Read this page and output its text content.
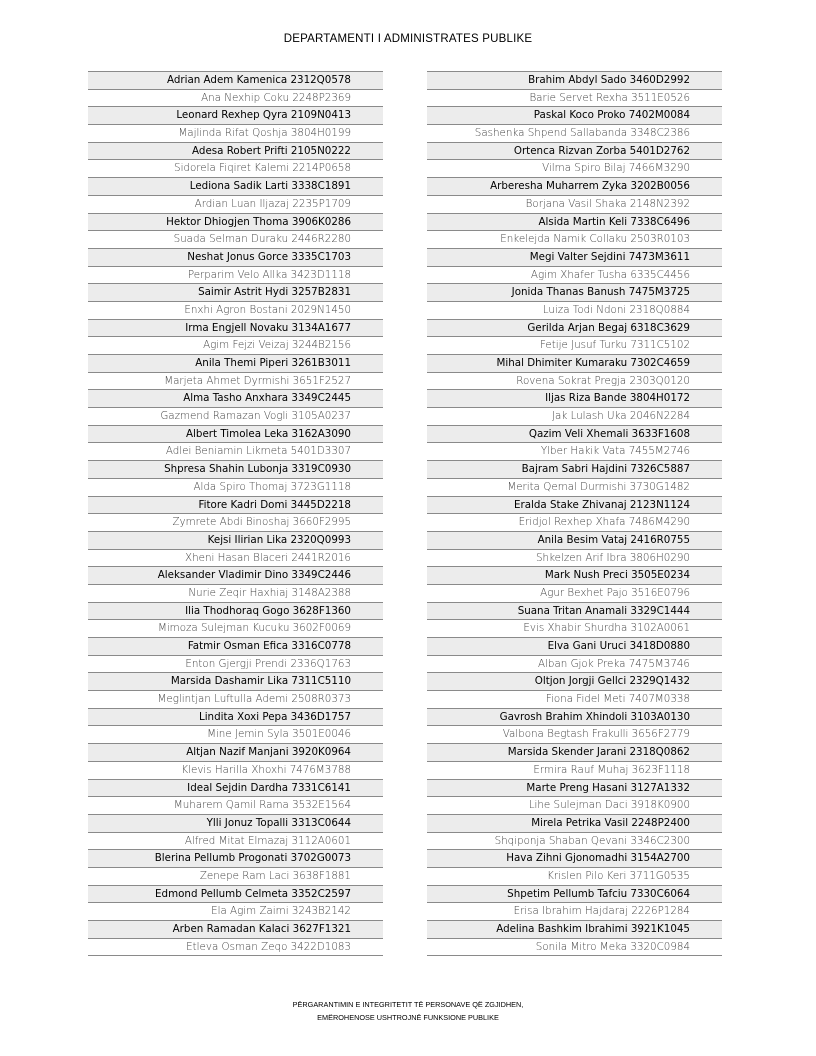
DEPARTAMENTI I ADMINISTRATES PUBLIKE
Adrian Adem Kamenica 2312Q0578
Ana Nexhip Coku 2248P2369
Leonard Rexhep Qyra 2109N0413
Majlinda Rifat Qoshja 3804H0199
Adesa Robert Prifti 2105N0222
Sidorela Fiqiret Kalemi 2214P0658
Lediona Sadik Larti 3338C1891
Ardian Luan Iljazaj 2235P1709
Hektor Dhiogjen Thoma 3906K0286
Suada Selman Duraku 2446R2280
Neshat Jonus Gorce 3335C1703
Perparim Velo Allka 3423D1118
Saimir Astrit Hydi 3257B2831
Enxhi Agron Bostani 2029N1450
Irma Engjell Novaku 3134A1677
Agim Fejzi Veizaj 3244B2156
Anila Themi Piperi 3261B3011
Marjeta Ahmet Dyrmishi 3651F2527
Alma Tasho Anxhara 3349C2445
Gazmend Ramazan Vogli 3105A0237
Albert Timolea Leka 3162A3090
Adlei Beniamin Likmeta 5401D3307
Shpresa Shahin Lubonja 3319C0930
Alda Spiro Thomaj 3723G1118
Fitore Kadri Domi 3445D2218
Zymrete Abdi Binoshaj 3660F2995
Kejsi Ilirian Lika 2320Q0993
Xheni Hasan Blaceri 2441R2016
Aleksander Vladimir Dino 3349C2446
Nurie Zeqir Haxhiaj 3148A2388
Ilia Thodhoraq Gogo 3628F1360
Mimoza Sulejman Kucuku 3602F0069
Fatmir Osman Efica 3316C0778
Enton Gjergji Prendi 2336Q1763
Marsida Dashamir Lika 7311C5110
Meglintjan Luftulla Ademi 2508R0373
Lindita Xoxi Pepa 3436D1757
Mine Jemin Syla 3501E0046
Altjan Nazif Manjani 3920K0964
Klevis Harilla Xhoxhi 7476M3788
Ideal Sejdin Dardha 7331C6141
Muharem Qamil Rama 3532E1564
Ylli Jonuz Topalli 3313C0644
Alfred Mitat Elmazaj 3112A0601
Blerina Pellumb Progonati 3702G0073
Zenepe Ram Laci 3638F1881
Edmond Pellumb Celmeta 3352C2597
Ela Agim Zaimi 3243B2142
Arben Ramadan Kalaci 3627F1321
Etleva Osman Zeqo 3422D1083
Brahim Abdyl Sado 3460D2992
Barie Servet Rexha 3511E0526
Paskal Koco Proko 7402M0084
Sashenka Shpend Sallabanda 3348C2386
Ortenca Rizvan Zorba 5401D2762
Vilma Spiro Bilaj 7466M3290
Arberesha Muharrem Zyka 3202B0056
Borjana Vasil Shaka 2148N2392
Alsida Martin Keli 7338C6496
Enkelejda Namik Collaku 2503R0103
Megi Valter Sejdini 7473M3611
Agim Xhafer Tusha 6335C4456
Jonida Thanas Banush 7475M3725
Luiza Todi Ndoni 2318Q0884
Gerilda Arjan Begaj 6318C3629
Fetije Jusuf Turku 7311C5102
Mihal Dhimiter Kumaraku 7302C4659
Rovena Sokrat Pregja 2303Q0120
Iljas Riza Bande 3804H0172
Jak Lulash Uka 2046N2284
Qazim Veli Xhemali 3633F1608
Ylber Hakik Vata 7455M2746
Bajram Sabri Hajdini 7326C5887
Merita Qemal Durmishi 3730G1482
Eralda Stake Zhivanaj 2123N1124
Eridjol Rexhep Xhafa 7486M4290
Anila Besim Vataj 2416R0755
Shkelzen Arif Ibra 3806H0290
Mark Nush Preci 3505E0234
Agur Bexhet Pajo 3516E0796
Suana Tritan Anamali 3329C1444
Evis Xhabir Shurdha 3102A0061
Elva Gani Uruci 3418D0880
Alban Gjok Preka 7475M3746
Oltjon Jorgji Gellci 2329Q1432
Fiona Fidel Meti 7407M0338
Gavrosh Brahim Xhindoli 3103A0130
Valbona Begtash Frakulli 3656F2779
Marsida Skender Jarani 2318Q0862
Ermira Rauf Muhaj 3623F1118
Marte Preng Hasani 3127A1332
Lihe Sulejman Daci 3918K0900
Mirela Petrika Vasil 2248P2400
Shqiponja Shaban Qevani 3346C2300
Hava Zihni Gjonomadhi 3154A2700
Krislen Pilo Keri 3711G0535
Shpetim Pellumb Tafciu 7330C6064
Erisa Ibrahim Hajdaraj 2226P1284
Adelina Bashkim Ibrahimi 3921K1045
Sonila Mitro Meka 3320C0984
PËRGARANTIMIN E INTEGRITETIT TË PERSONAVE QË ZGJIDHEN,
EMËROHENOSE USHTROJNË FUNKSIONE PUBLIKE
